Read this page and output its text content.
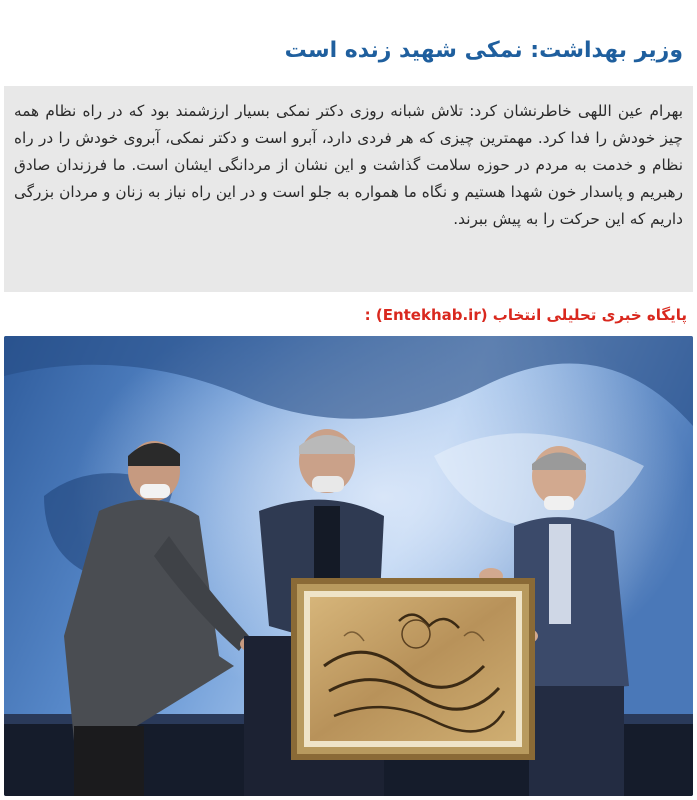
وزیر بهداشت: نمکی شهید زنده است

بهرام عین اللهی خاطرنشان کرد: تلاش شبانه روزی دکتر نمکی بسیار ارزشمند بود که در راه نظام همه چیز خودش را فدا کرد. مهمترین چیزی که هر فردی دارد، آبرو است و دکتر نمکی، آبروی خودش را در راه نظام و خدمت به مردم در حوزه سلامت گذاشت و این نشان از مردانگی ایشان است. ما فرزندان صادق رهبریم و پاسدار خون شهدا هستیم و نگاه ما همواره به جلو است و در این راه نیاز به زنان و مردان بزرگی داریم که این حرکت را به پیش ببرند.

پایگاه خبری تحلیلی انتخاب (Entekhab.ir) :
